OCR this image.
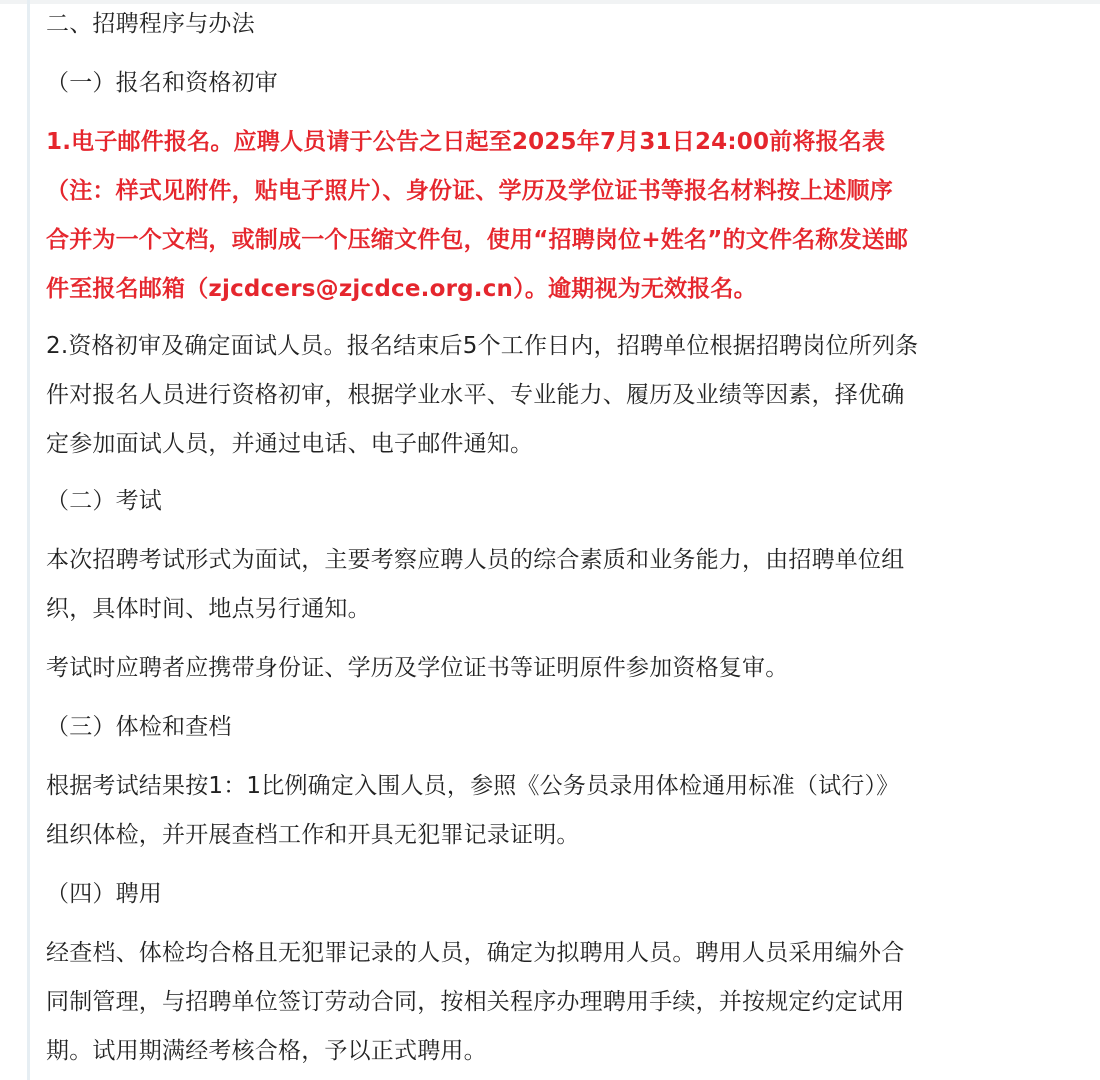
二、招聘程序与办法

（一）报名和资格初审

1.电子邮件报名。应聘人员请于公告之日起至2025年7月31日24:00前将报名表
（注：样式见附件，贴电子照片）、身份证、学历及学位证书等报名材料按上述顺序
合并为一个文档，或制成一个压缩文件包，使用“招聘岗位+姓名”的文件名称发送邮
件至报名邮箱（zjcdcers@zjcdce.org.cn）。逾期视为无效报名。

2.资格初审及确定面试人员。报名结束后5个工作日内，招聘单位根据招聘岗位所列条
件对报名人员进行资格初审，根据学业水平、专业能力、履历及业绩等因素，择优确
定参加面试人员，并通过电话、电子邮件通知。

（二）考试

本次招聘考试形式为面试，主要考察应聘人员的综合素质和业务能力，由招聘单位组
织，具体时间、地点另行通知。

考试时应聘者应携带身份证、学历及学位证书等证明原件参加资格复审。

（三）体检和查档

根据考试结果按1：1比例确定入围人员，参照《公务员录用体检通用标准（试行）》
组织体检，并开展查档工作和开具无犯罪记录证明。

（四）聘用

经查档、体检均合格且无犯罪记录的人员，确定为拟聘用人员。聘用人员采用编外合
同制管理，与招聘单位签订劳动合同，按相关程序办理聘用手续，并按规定约定试用
期。试用期满经考核合格，予以正式聘用。
